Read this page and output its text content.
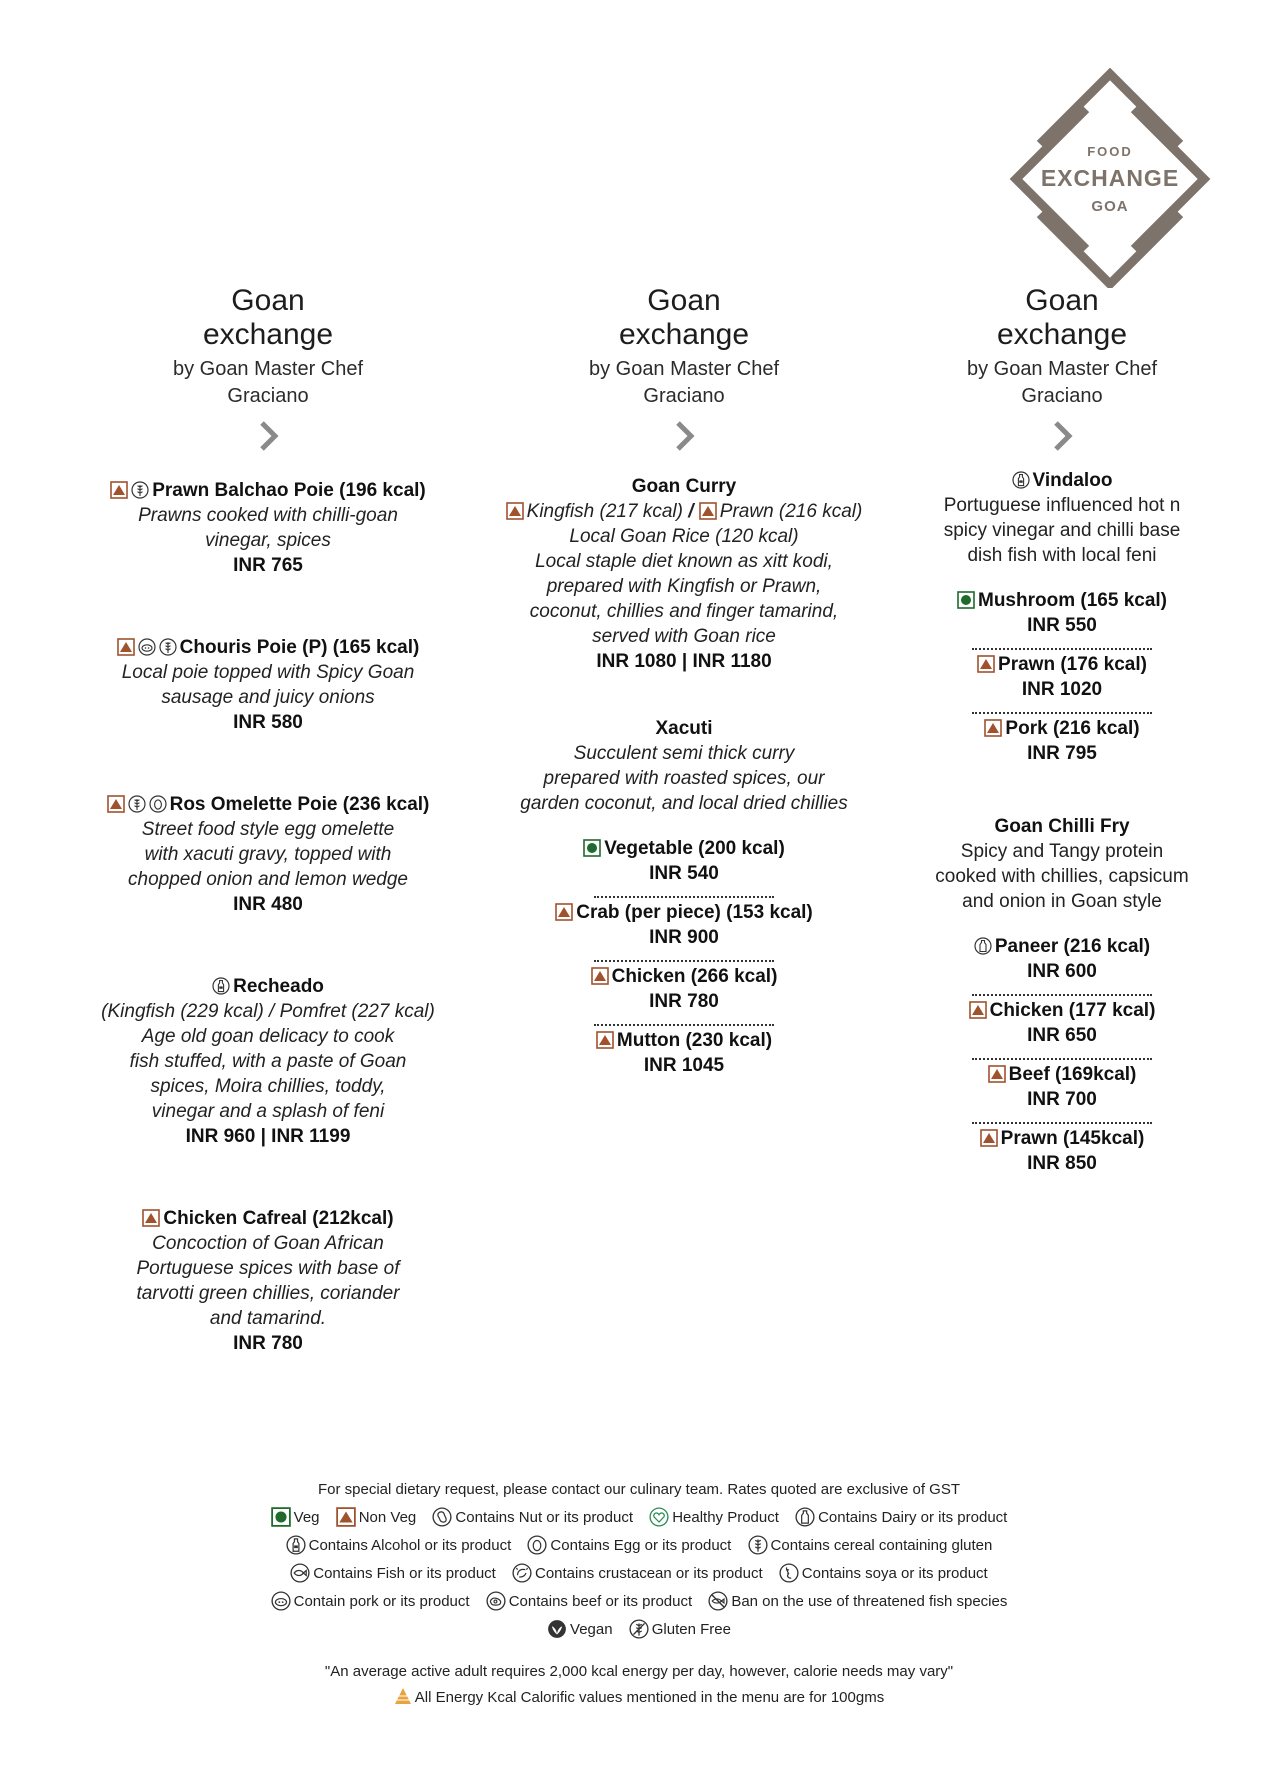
FOOD
EXCHANGE
GOA
Goan
exchange
by Goan Master Chef
Graciano
Prawn Balchao Poie (196 kcal)
Prawns cooked with chilli-goan
vinegar, spices
INR 765
Chouris Poie (P) (165 kcal)
Local poie topped with Spicy Goan
sausage and juicy onions
INR 580
Ros Omelette Poie (236 kcal)
Street food style egg omelette
with xacuti gravy, topped with
chopped onion and lemon wedge
INR 480
Recheado
(Kingfish (229 kcal) / Pomfret (227 kcal)
Age old goan delicacy to cook
fish stuffed, with a paste of Goan
spices, Moira chillies, toddy,
vinegar and a splash of feni
INR 960 | INR 1199
Chicken Cafreal (212kcal)
Concoction of Goan African
Portuguese spices with base of
tarvotti green chillies, coriander
and tamarind.
INR 780
Goan
exchange
by Goan Master Chef
Graciano
Goan Curry
Kingfish (217 kcal) /
Prawn (216 kcal)
Local Goan Rice (120 kcal)
Local staple diet known as xitt kodi,
prepared with Kingfish or Prawn,
coconut, chillies and finger tamarind,
served with Goan rice
INR 1080 | INR 1180
Xacuti
Succulent semi thick curry
prepared with roasted spices, our
garden coconut, and local dried chillies
Vegetable (200 kcal)
INR 540
Crab (per piece) (153 kcal)
INR 900
Chicken (266 kcal)
INR 780
Mutton (230 kcal)
INR 1045
Goan
exchange
by Goan Master Chef
Graciano
Vindaloo
Portuguese influenced hot n
spicy vinegar and chilli base
dish fish with local feni
Mushroom (165 kcal)
INR 550
Prawn (176 kcal)
INR 1020
Pork (216 kcal)
INR 795
Goan Chilli Fry
Spicy and Tangy protein
cooked with chillies, capsicum
and onion in Goan style
Paneer (216 kcal)
INR 600
Chicken (177 kcal)
INR 650
Beef (169kcal)
INR 700
Prawn (145kcal)
INR 850
For special dietary request, please contact our culinary team. Rates quoted are exclusive of GST
Veg	Non Veg	Contains Nut or its product	Healthy Product	Contains Dairy or its product
Contains Alcohol or its product	Contains Egg or its product	Contains cereal containing gluten
Contains Fish or its product	Contains crustacean or its product	Contains soya or its product
Contain pork or its product	Contains beef or its product	Ban on the use of threatened fish species
Vegan	Gluten Free
"An average active adult requires 2,000 kcal energy per day, however, calorie needs may vary"
All Energy Kcal Calorific values mentioned in the menu are for 100gms
